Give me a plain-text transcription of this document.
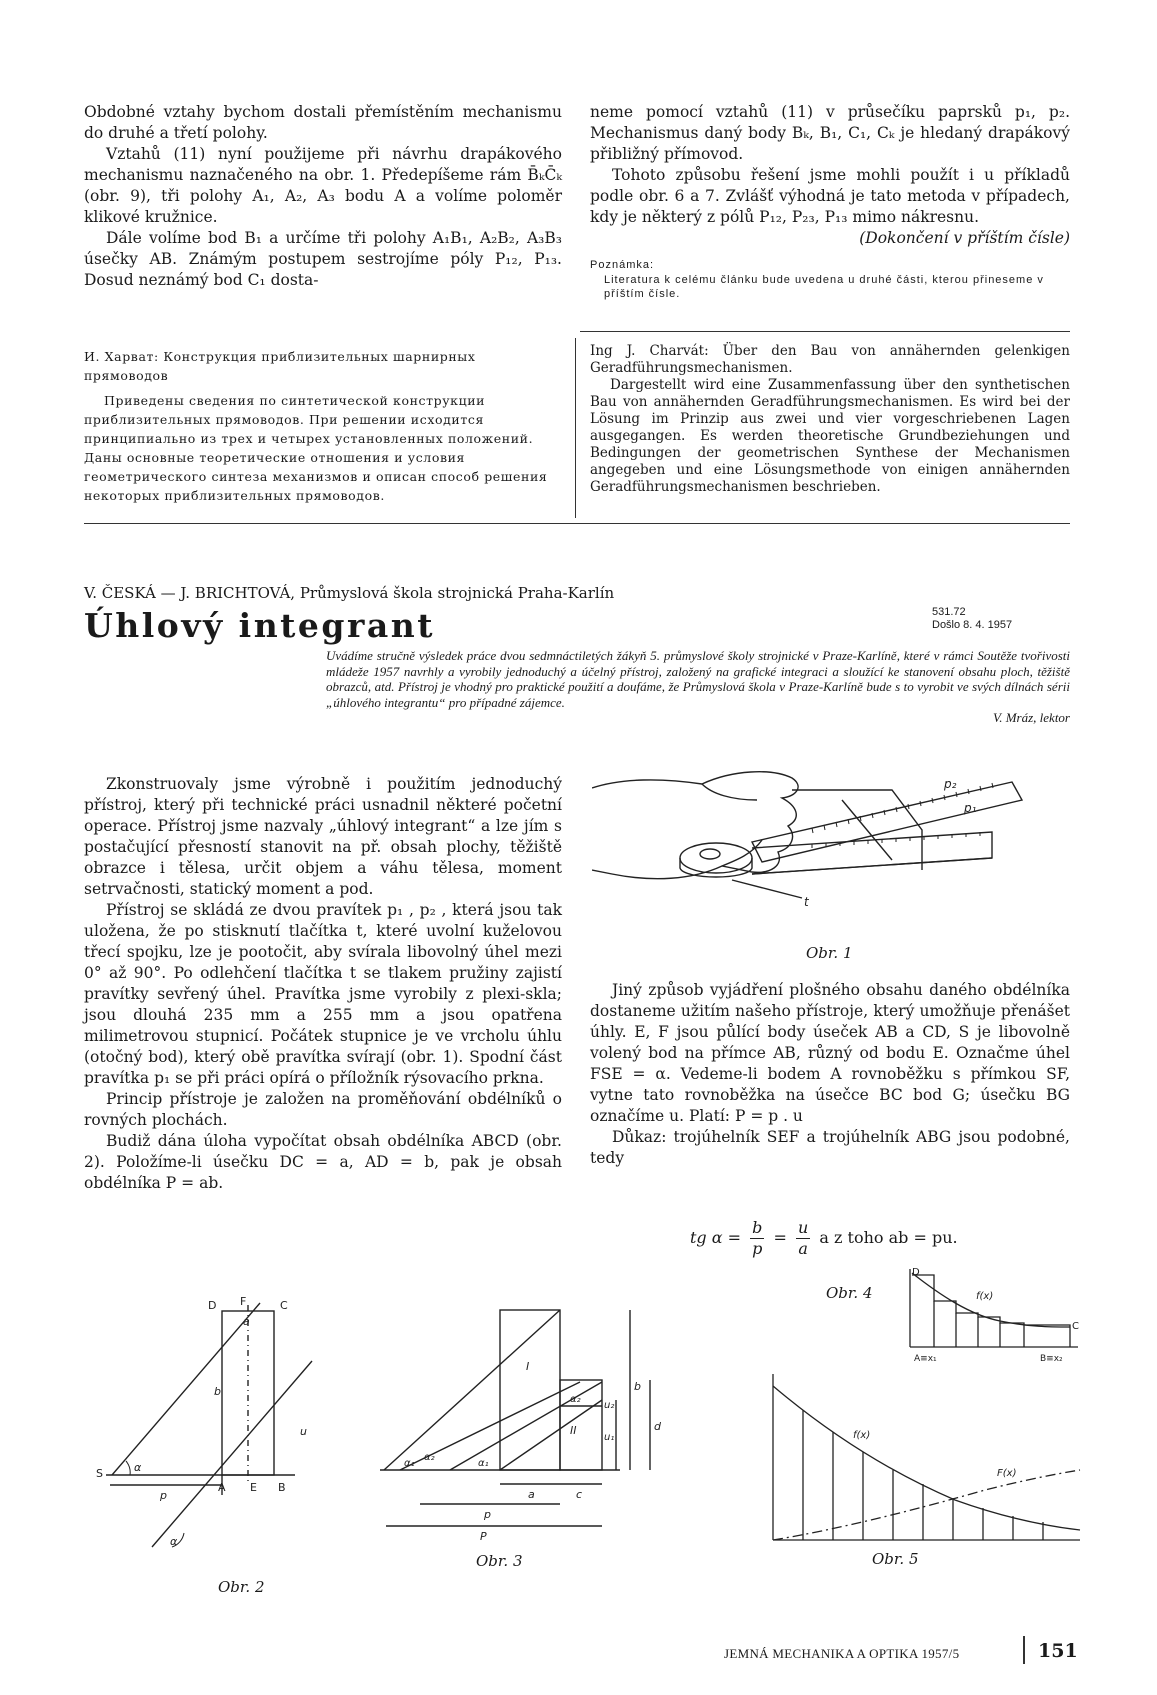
Obdobné vztahy bychom dostali přemístěním mechanismu do druhé a třetí polohy.

Vztahů (11) nyní použijeme při návrhu drapákového mechanismu naznačeného na obr. 1. Předepíšeme rám B̄ₖC̄ₖ (obr. 9), tři polohy A₁, A₂, A₃ bodu A a volíme poloměr klikové kružnice.

Dále volíme bod B₁ a určíme tři polohy A₁B₁, A₂B₂, A₃B₃ úsečky AB. Známým postupem sestrojíme póly P₁₂, P₁₃. Dosud neznámý bod C₁ dosta-

neme pomocí vztahů (11) v průsečíku paprsků p₁, p₂. Mechanismus daný body Bₖ, B₁, C₁, Cₖ je hledaný drapákový přibližný přímovod.

Tohoto způsobu řešení jsme mohli použít i u příkladů podle obr. 6 a 7. Zvlášť výhodná je tato metoda v případech, kdy je některý z pólů P₁₂, P₂₃, P₁₃ mimo nákresnu.

(Dokončení v příštím čísle)

Poznámka:

Literatura k celému článku bude uvedena u druhé části, kterou přineseme v příštím čísle.

И. Харват: Конструкция приблизительных шарнирных прямоводов

Приведены сведения по синтетической конструкции приблизительных прямоводов. При решении исходится принципиально из трех и четырех установленных положений. Даны основные теоретические отношения и условия геометрического синтеза механизмов и описан способ решения некоторых приблизительных прямоводов.

Ing J. Charvát: Über den Bau von annähernden gelenkigen Geradführungsmechanismen.

Dargestellt wird eine Zusammenfassung über den synthetischen Bau von annähernden Geradführungsmechanismen. Es wird bei der Lösung im Prinzip aus zwei und vier vorgeschriebenen Lagen ausgegangen. Es werden theoretische Grundbeziehungen und Bedingungen der geometrischen Synthese der Mechanismen angegeben und eine Lösungsmethode von einigen annähernden Geradführungsmechanismen beschrieben.

V. ČESKÁ — J. BRICHTOVÁ, Průmyslová škola strojnická Praha-Karlín
Úhlový integrant	531.72
Došlo 8. 4. 1957
Uvádíme stručně výsledek práce dvou sedmnáctiletých žákyň 5. průmyslové školy strojnické v Praze-Karlíně, které v rámci Soutěže tvořivosti mládeže 1957 navrhly a vyrobily jednoduchý a účelný přístroj, založený na grafické integraci a sloužící ke stanovení obsahu ploch, těžiště obrazců, atd. Přístroj je vhodný pro praktické použití a doufáme, že Průmyslová škola v Praze-Karlíně bude s to vyrobit ve svých dílnách sérii „úhlového integrantu“ pro případné zájemce.
V. Mráz, lektor

Zkonstruovaly jsme výrobně i použitím jednoduchý přístroj, který při technické práci usnadnil některé početní operace. Přístroj jsme nazvaly „úhlový integrant“ a lze jím s postačující přesností stanovit na př. obsah plochy, těžiště obrazce i tělesa, určit objem a váhu tělesa, moment setrvačnosti, statický moment a pod.

Přístroj se skládá ze dvou pravítek p₁ , p₂ , která jsou tak uložena, že po stisknutí tlačítka t, které uvolní kuželovou třecí spojku, lze je pootočit, aby svírala libovolný úhel mezi 0° až 90°. Po odlehčení tlačítka t se tlakem pružiny zajistí pravítky sevřený úhel. Pravítka jsme vyrobily z plexi-skla; jsou dlouhá 235 mm a 255 mm a jsou opatřena milimetrovou stupnicí. Počátek stupnice je ve vrcholu úhlu (otočný bod), který obě pravítka svírají (obr. 1). Spodní část pravítka p₁ se při práci opírá o příložník rýsovacího prkna.

Princip přístroje je založen na proměňování obdélníků o rovných plochách.

Budiž dána úloha vypočítat obsah obdélníka ABCD (obr. 2). Položíme-li úsečku DC = a, AD = b, pak je obsah obdélníka P = ab.

Jiný způsob vyjádření plošného obsahu daného obdélníka dostaneme užitím našeho přístroje, který umožňuje přenášet úhly. E, F jsou půlící body úseček AB a CD, S je libovolně volený bod na přímce AB, různý od bodu E. Označme úhel FSE = α. Vedeme-li bodem A rovnoběžku s přímkou SF, vytne tato rovnoběžka na úsečce BC bod G; úsečku BG označíme u. Platí: P = p . u

Důkaz: trojúhelník SEF a trojúhelník ABG jsou podobné, tedy

tg $\alpha = \frac{b}{p} = \frac{u}{a}$ a z toho ab = pu.
p₂
p₁
t
Obr. 1
D F	C
a
b
u
S	α
p
A E B
α
Obr. 2
I
II
α₁
α₂
α₁
α₂
a	c
p
P
b
d
u₁
u₂
Obr. 3
D
f(x)
C
A≡x₁	B≡x₂
Obr. 4
f(x)
F(x)
Obr. 5
JEMNÁ MECHANIKA A OPTIKA 1957/5	151
